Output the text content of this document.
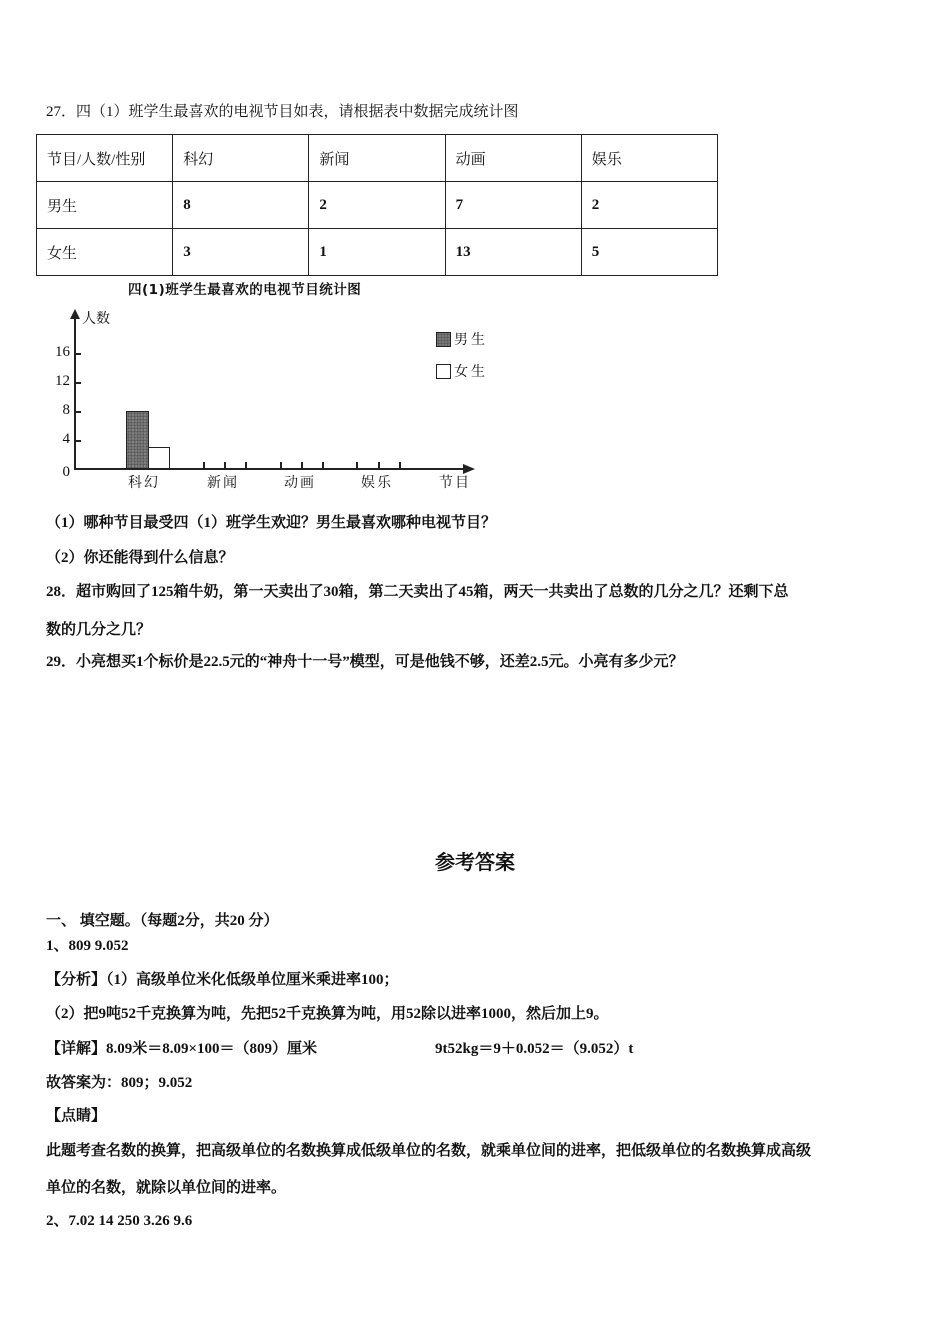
27．四（1）班学生最喜欢的电视节目如表，请根据表中数据完成统计图
节目/人数/性别	科幻	新闻	动画	娱乐
男生	8	2	7	2
女生	3	1	13	5
四(1)班学生最喜欢的电视节目统计图
人数
16
12
8
4
0
科幻	新闻	动画	娱乐	节目
男生
女生
（1）哪种节目最受四（1）班学生欢迎？男生最喜欢哪种电视节目？
（2）你还能得到什么信息？
28．超市购回了125箱牛奶，第一天卖出了30箱，第二天卖出了45箱，两天一共卖出了总数的几分之几？还剩下总
数的几分之几？
29．小亮想买1个标价是22.5元的“神舟十一号”模型，可是他钱不够，还差2.5元。小亮有多少元？
参考答案
一、 填空题。（每题2分，共20 分）
1、809 9.052
【分析】（1）高级单位米化低级单位厘米乘进率100；
（2）把9吨52千克换算为吨，先把52千克换算为吨，用52除以进率1000，然后加上9。
【详解】8.09米＝8.09×100＝（809）厘米	9t52kg＝9＋0.052＝（9.052）t
故答案为：809；9.052
【点睛】
此题考查名数的换算，把高级单位的名数换算成低级单位的名数，就乘单位间的进率，把低级单位的名数换算成高级
单位的名数，就除以单位间的进率。
2、7.02 14 250 3.26 9.6
